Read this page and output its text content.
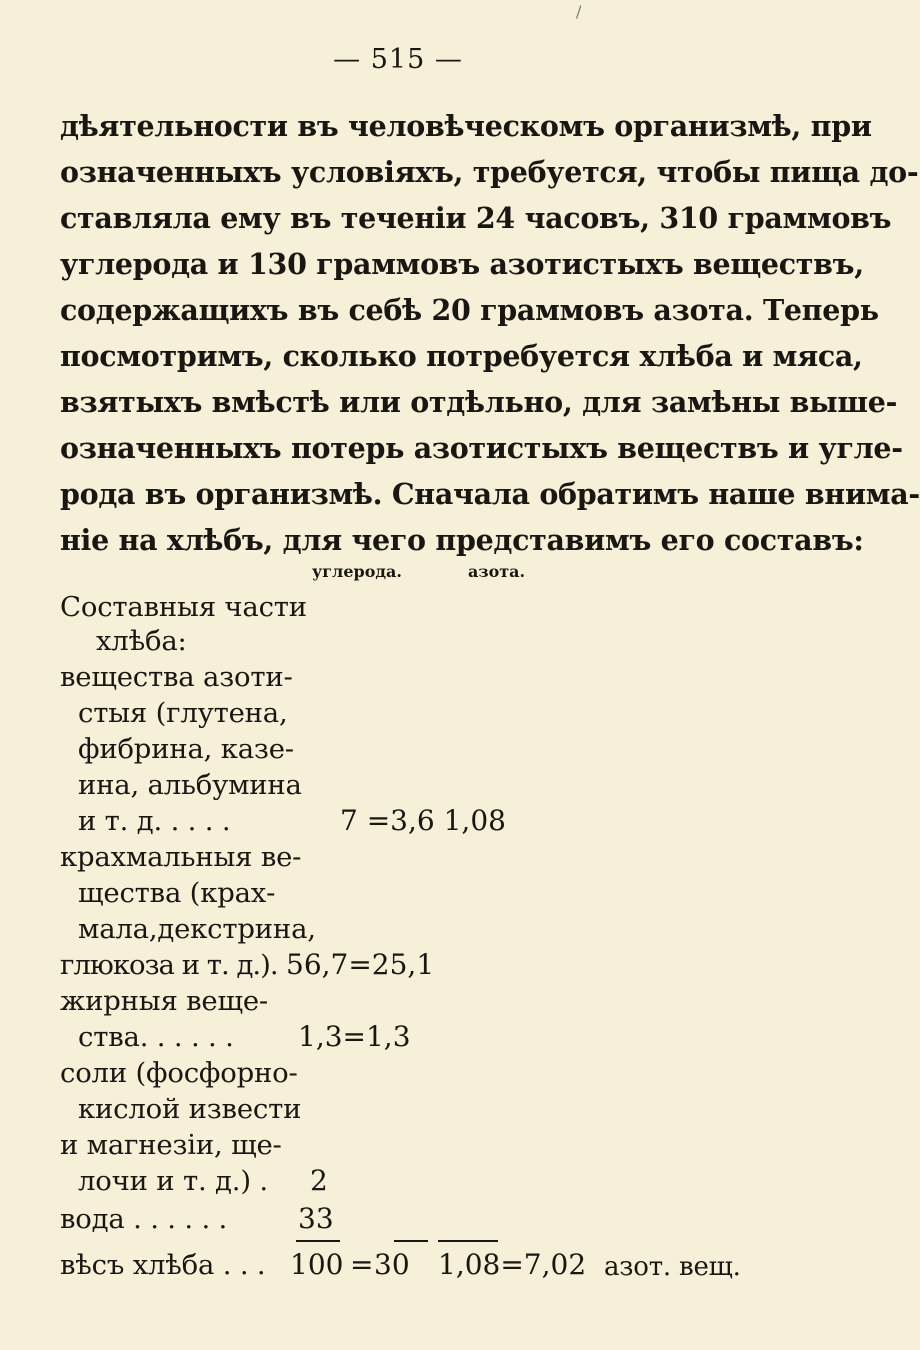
/
— 515 —
дѣятельности въ человѣческомъ организмѣ, при
означенныхъ условіяхъ, требуется, чтобы пища до-
ставляла ему въ теченіи 24 часовъ, 310 граммовъ
углерода и 130 граммовъ азотистыхъ веществъ,
содержащихъ въ себѣ 20 граммовъ азота. Теперь
посмотримъ, сколько потребуется хлѣба и мяса,
взятыхъ вмѣстѣ или отдѣльно, для замѣны выше-
означенныхъ потерь азотистыхъ веществъ и угле-
рода въ организмѣ. Сначала обратимъ наше внима-
ніе на хлѣбъ, для чего представимъ его составъ:
углерода.	азота.
Составныя части
хлѣба:
вещества азоти-
стыя (глутена,
фибрина, казе-
ина, альбумина
и т. д. . . . .
крахмальныя ве-
щества (крах-
мала,декстрина,
глюкоза и т. д.).
жирныя веще-
ства. . . . . .
соли (фосфорно-
кислой извести
и магнезіи, ще-
лочи и т. д.) .
вода . . . . . .
вѣсъ хлѣба . . .
7 =3,6 1,08
56,7=25,1
1,3=1,3
2
33
100 = 30 1,08=7,02 азот. вещ.
